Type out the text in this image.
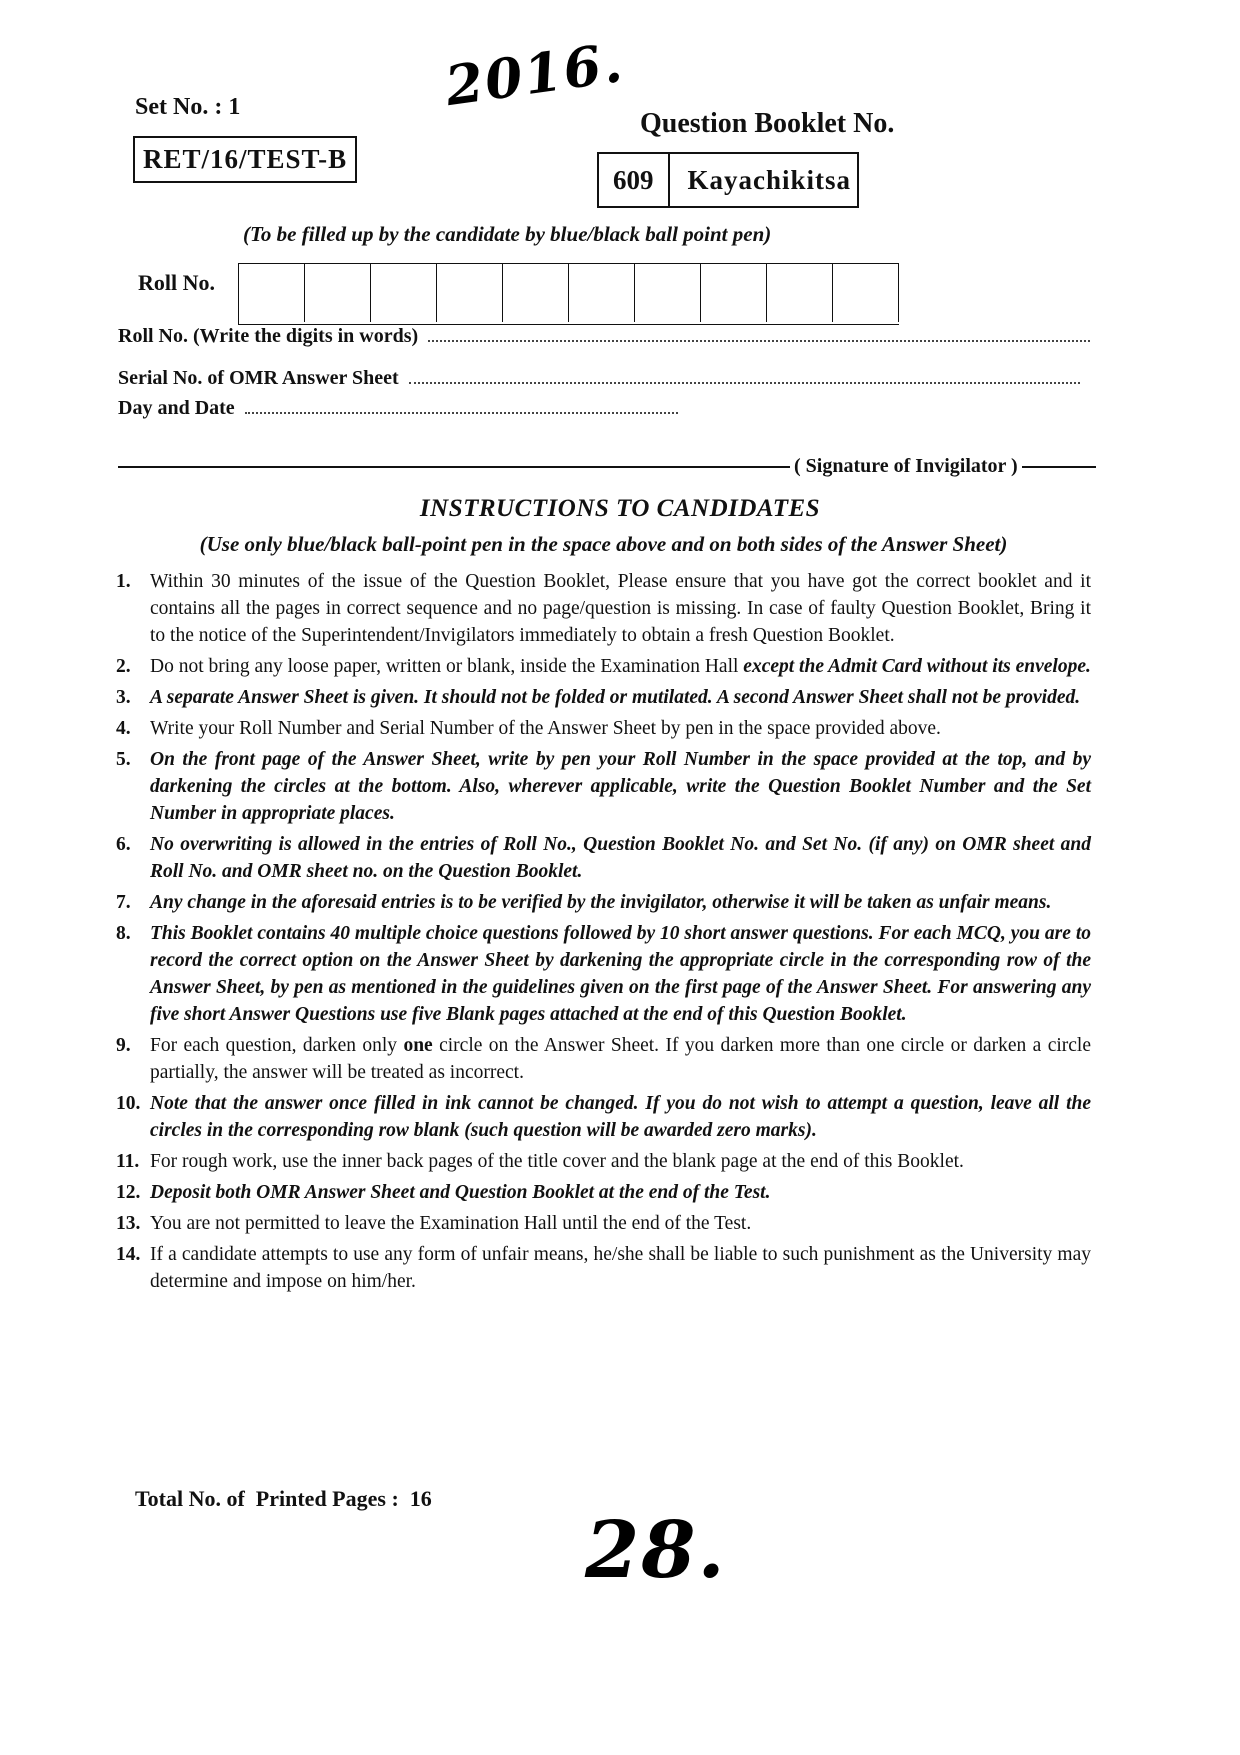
2016.
Set No. : 1
RET/16/TEST-B
Question Booklet No.
609	Kayachikitsa
(To be filled up by the candidate by blue/black ball point pen)
Roll No.
Roll No. (Write the digits in words)
Serial No. of OMR Answer Sheet
Day and Date
( Signature of Invigilator )
INSTRUCTIONS TO CANDIDATES
(Use only blue/black ball-point pen in the space above and on both sides of the Answer Sheet)
1. Within 30 minutes of the issue of the Question Booklet, Please ensure that you have got the correct booklet and it contains all the pages in correct sequence and no page/question is missing. In case of faulty Question Booklet, Bring it to the notice of the Superintendent/Invigilators immediately to obtain a fresh Question Booklet.
2. Do not bring any loose paper, written or blank, inside the Examination Hall except the Admit Card without its envelope.
3. A separate Answer Sheet is given. It should not be folded or mutilated. A second Answer Sheet shall not be provided.
4. Write your Roll Number and Serial Number of the Answer Sheet by pen in the space provided above.
5. On the front page of the Answer Sheet, write by pen your Roll Number in the space provided at the top, and by darkening the circles at the bottom. Also, wherever applicable, write the Question Booklet Number and the Set Number in appropriate places.
6. No overwriting is allowed in the entries of Roll No., Question Booklet No. and Set No. (if any) on OMR sheet and Roll No. and OMR sheet no. on the Question Booklet.
7. Any change in the aforesaid entries is to be verified by the invigilator, otherwise it will be taken as unfair means.
8. This Booklet contains 40 multiple choice questions followed by 10 short answer questions. For each MCQ, you are to record the correct option on the Answer Sheet by darkening the appropriate circle in the corresponding row of the Answer Sheet, by pen as mentioned in the guidelines given on the first page of the Answer Sheet. For answering any five short Answer Questions use five Blank pages attached at the end of this Question Booklet.
9. For each question, darken only one circle on the Answer Sheet. If you darken more than one circle or darken a circle partially, the answer will be treated as incorrect.
10. Note that the answer once filled in ink cannot be changed. If you do not wish to attempt a question, leave all the circles in the corresponding row blank (such question will be awarded zero marks).
11. For rough work, use the inner back pages of the title cover and the blank page at the end of this Booklet.
12. Deposit both OMR Answer Sheet and Question Booklet at the end of the Test.
13. You are not permitted to leave the Examination Hall until the end of the Test.
14. If a candidate attempts to use any form of unfair means, he/she shall be liable to such punishment as the University may determine and impose on him/her.
Total No. of  Printed Pages :  16
28.
